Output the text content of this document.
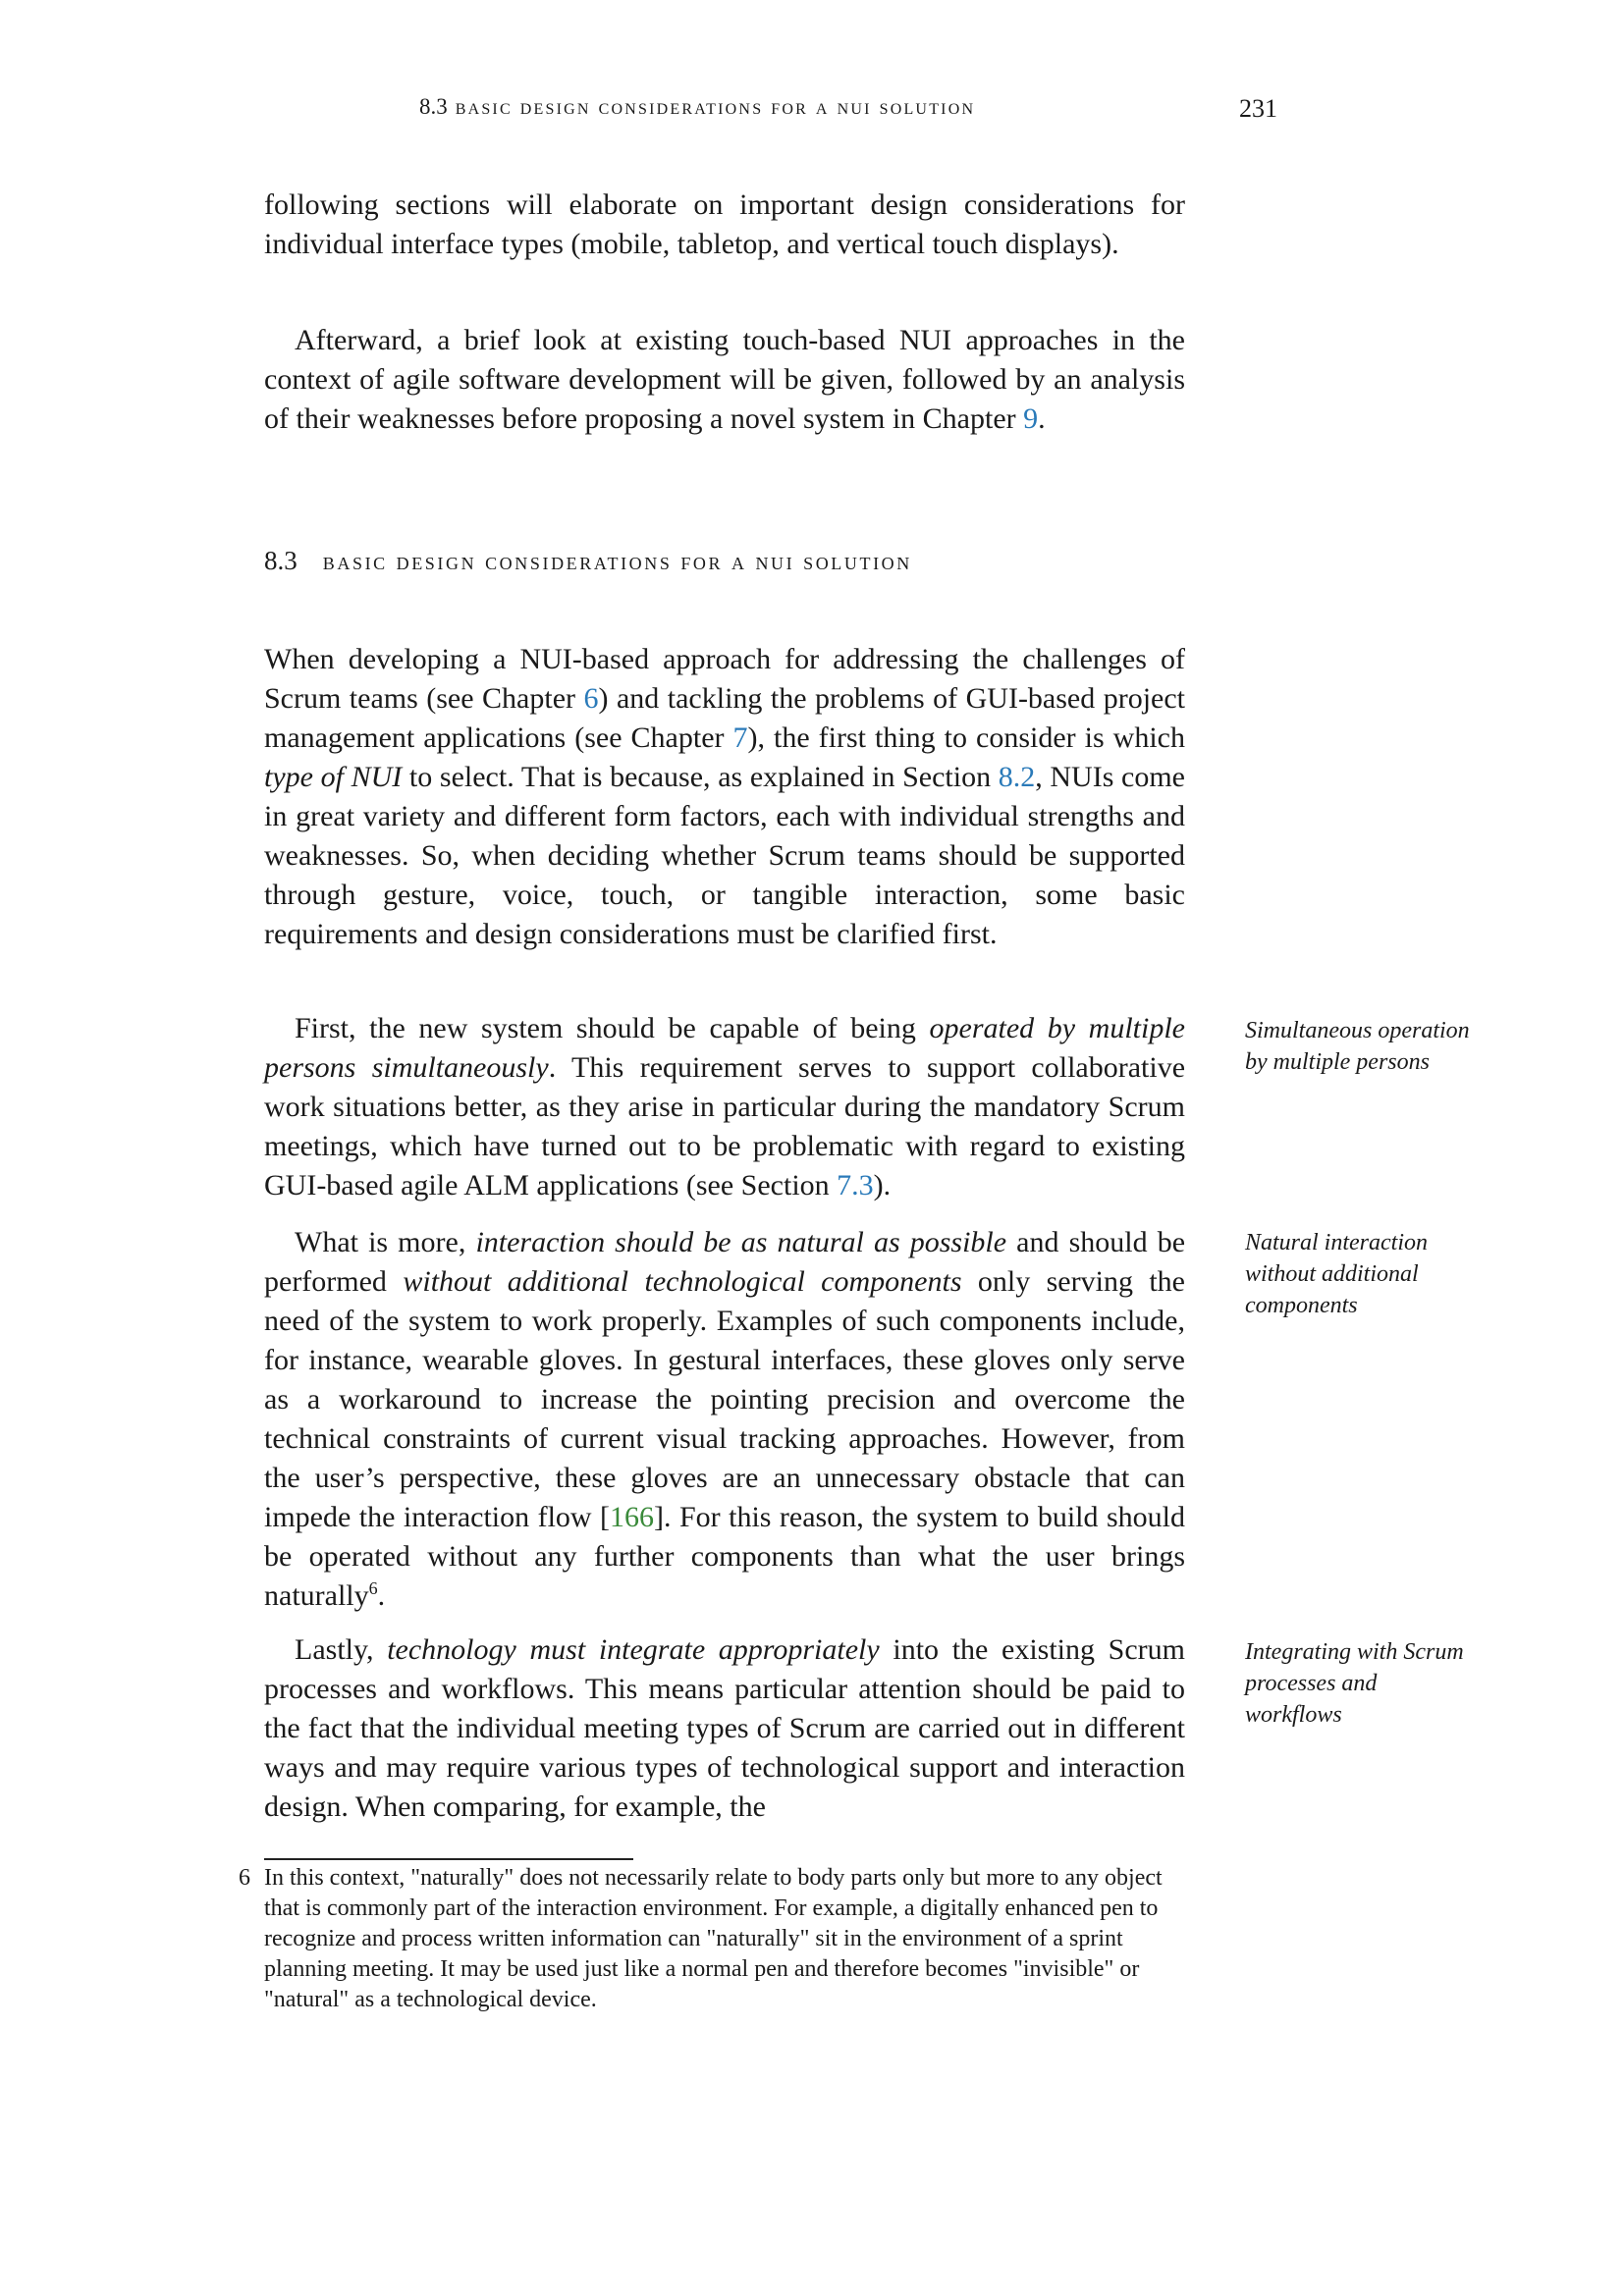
8.3 basic design considerations for a nui solution	231

following sections will elaborate on important design considerations for individual interface types (mobile, tabletop, and vertical touch displays).

Afterward, a brief look at existing touch-based NUI approaches in the context of agile software development will be given, followed by an analysis of their weaknesses before proposing a novel system in Chapter 9.

8.3 basic design considerations for a nui solution

When developing a NUI-based approach for addressing the challenges of Scrum teams (see Chapter 6) and tackling the problems of GUI-based project management applications (see Chapter 7), the first thing to consider is which type of NUI to select. That is because, as explained in Section 8.2, NUIs come in great variety and different form factors, each with individual strengths and weaknesses. So, when deciding whether Scrum teams should be supported through gesture, voice, touch, or tangible interaction, some basic requirements and design considerations must be clarified first.

First, the new system should be capable of being operated by multiple persons simultaneously. This requirement serves to support collaborative work situations better, as they arise in particular during the mandatory Scrum meetings, which have turned out to be problematic with regard to existing GUI-based agile ALM applications (see Section 7.3).

What is more, interaction should be as natural as possible and should be performed without additional technological components only serving the need of the system to work properly. Examples of such components include, for instance, wearable gloves. In gestural interfaces, these gloves only serve as a workaround to increase the pointing precision and overcome the technical constraints of current visual tracking approaches. However, from the user’s perspective, these gloves are an unnecessary obstacle that can impede the interaction flow [166]. For this reason, the system to build should be operated without any further components than what the user brings naturally$^6$.

Lastly, technology must integrate appropriately into the existing Scrum processes and workflows. This means particular attention should be paid to the fact that the individual meeting types of Scrum are carried out in different ways and may require various types of technological support and interaction design. When comparing, for example, the

Simultaneous operation by multiple persons
Natural interaction without additional components
Integrating with Scrum processes and workflows
6 In this context, "naturally" does not necessarily relate to body parts only but more to any object that is commonly part of the interaction environment. For example, a digitally enhanced pen to recognize and process written information can "naturally" sit in the environment of a sprint planning meeting. It may be used just like a normal pen and therefore becomes "invisible" or "natural" as a technological device.
